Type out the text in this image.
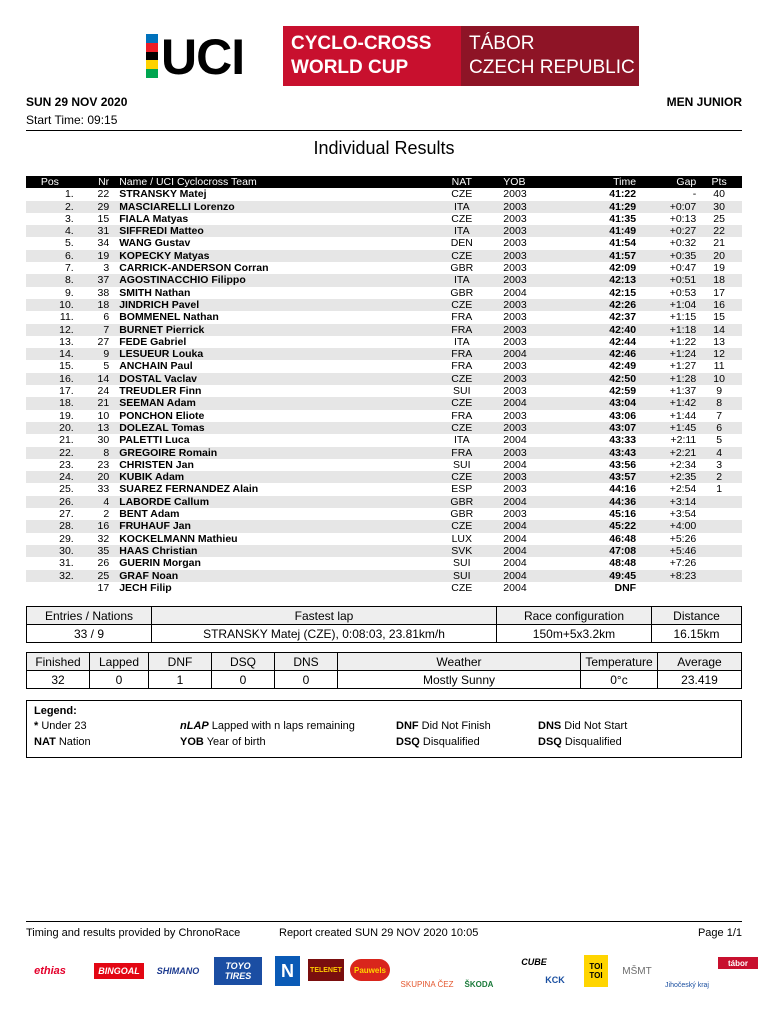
UCI CYCLO-CROSS
WORLD CUP
TÁBOR
CZECH REPUBLIC
SUN 29 NOV 2020	MEN JUNIOR
Start Time: 09:15
Individual Results
Pos	Nr	Name / UCI Cyclocross Team	NAT	YOB	Time	Gap	Pts
1.	22	STRANSKY Matej	CZE	2003	41:22	-	40
2.	29	MASCIARELLI Lorenzo	ITA	2003	41:29	+0:07	30
3.	15	FIALA Matyas	CZE	2003	41:35	+0:13	25
4.	31	SIFFREDI Matteo	ITA	2003	41:49	+0:27	22
5.	34	WANG Gustav	DEN	2003	41:54	+0:32	21
6.	19	KOPECKY Matyas	CZE	2003	41:57	+0:35	20
7.	3	CARRICK-ANDERSON Corran	GBR	2003	42:09	+0:47	19
8.	37	AGOSTINACCHIO Filippo	ITA	2003	42:13	+0:51	18
9.	38	SMITH Nathan	GBR	2004	42:15	+0:53	17
10.	18	JINDRICH Pavel	CZE	2003	42:26	+1:04	16
11.	6	BOMMENEL Nathan	FRA	2003	42:37	+1:15	15
12.	7	BURNET Pierrick	FRA	2003	42:40	+1:18	14
13.	27	FEDE Gabriel	ITA	2003	42:44	+1:22	13
14.	9	LESUEUR Louka	FRA	2004	42:46	+1:24	12
15.	5	ANCHAIN Paul	FRA	2003	42:49	+1:27	11
16.	14	DOSTAL Vaclav	CZE	2003	42:50	+1:28	10
17.	24	TREUDLER Finn	SUI	2003	42:59	+1:37	9
18.	21	SEEMAN Adam	CZE	2004	43:04	+1:42	8
19.	10	PONCHON Eliote	FRA	2003	43:06	+1:44	7
20.	13	DOLEZAL Tomas	CZE	2003	43:07	+1:45	6
21.	30	PALETTI Luca	ITA	2004	43:33	+2:11	5
22.	8	GREGOIRE Romain	FRA	2003	43:43	+2:21	4
23.	23	CHRISTEN Jan	SUI	2004	43:56	+2:34	3
24.	20	KUBIK Adam	CZE	2003	43:57	+2:35	2
25.	33	SUAREZ FERNANDEZ Alain	ESP	2003	44:16	+2:54	1
26.	4	LABORDE Callum	GBR	2004	44:36	+3:14	
27.	2	BENT Adam	GBR	2003	45:16	+3:54	
28.	16	FRUHAUF Jan	CZE	2004	45:22	+4:00	
29.	32	KOCKELMANN Mathieu	LUX	2004	46:48	+5:26	
30.	35	HAAS Christian	SVK	2004	47:08	+5:46	
31.	26	GUERIN Morgan	SUI	2004	48:48	+7:26	
32.	25	GRAF Noan	SUI	2004	49:45	+8:23	
	17	JECH Filip	CZE	2004	DNF		
Entries / Nations	Fastest lap	Race configuration	Distance
33 / 9	STRANSKY Matej (CZE), 0:08:03, 23.81km/h	150m+5x3.2km	16.15km
Finished	Lapped	DNF	DSQ	DNS	Weather	Temperature	Average
32	0	1	0	0	Mostly Sunny	0°c	23.419
Legend:
* Under 23
NAT Nation
nLAP Lapped with n laps remaining
YOB Year of birth
DNF Did Not Finish
DSQ Disqualified
DNS Did Not Start
DSQ Disqualified
Timing and results provided by ChronoRace	Report created SUN 29 NOV 2020 10:05	Page 1/1
ethias	BINGOAL	SHIMANO	TOYO TIRES	N	TELENET	Pauwels
SKUPINA ČEZ	ŠKODA
CUBE
KCK
TOI TOI	MŠMT
Jihočeský kraj
tábor
